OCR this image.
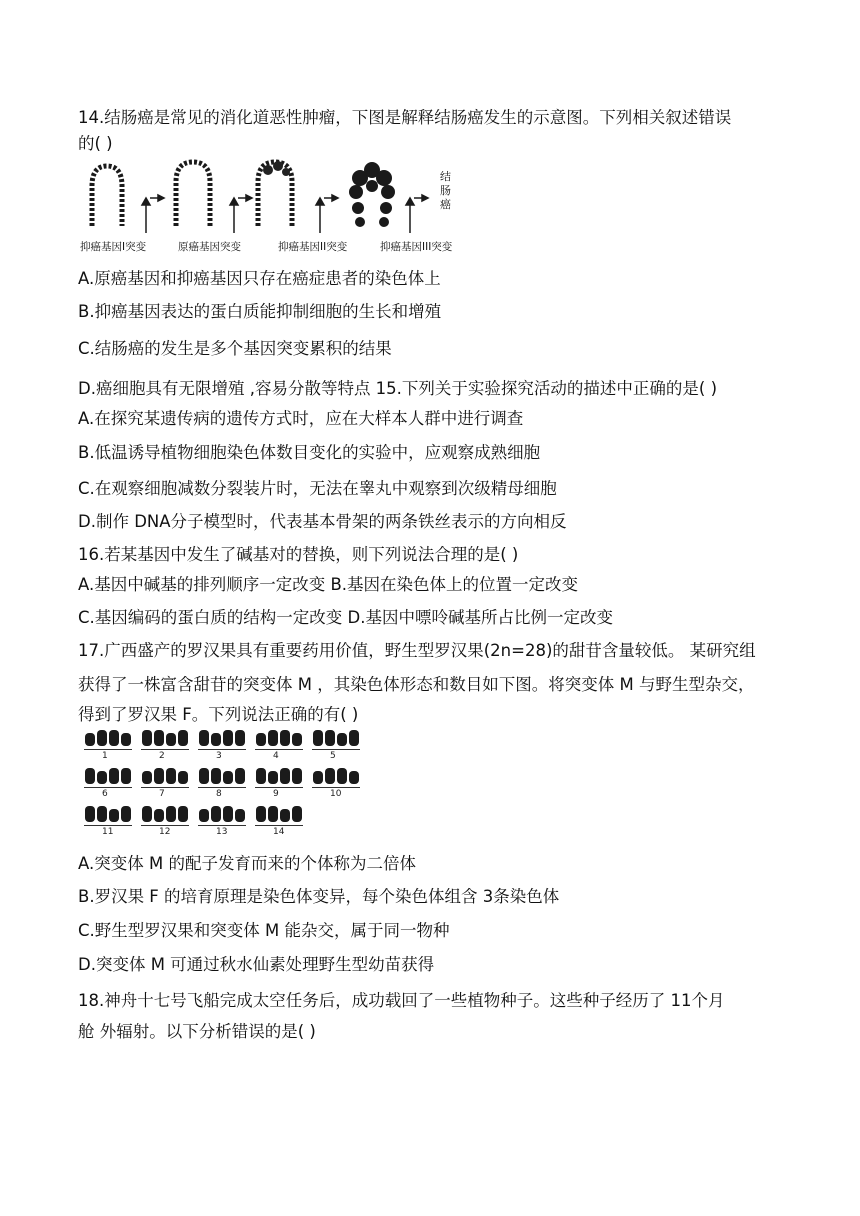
14.结肠癌是常见的消化道恶性肿瘤，下图是解释结肠癌发生的示意图。下列相关叙述错误
的( )
抑癌基因I突变	原癌基因突变	抑癌基因II突变	抑癌基因III突变
结肠癌
A.原癌基因和抑癌基因只存在癌症患者的染色体上
B.抑癌基因表达的蛋白质能抑制细胞的生长和增殖
C.结肠癌的发生是多个基因突变累积的结果
D.癌细胞具有无限增殖 ,容易分散等特点 15.下列关于实验探究活动的描述中正确的是( )
A.在探究某遗传病的遗传方式时，应在大样本人群中进行调查
B.低温诱导植物细胞染色体数目变化的实验中，应观察成熟细胞
C.在观察细胞减数分裂装片时，无法在睾丸中观察到次级精母细胞
D.制作 DNA分子模型时，代表基本骨架的两条铁丝表示的方向相反
16.若某基因中发生了碱基对的替换，则下列说法合理的是( )
A.基因中碱基的排列顺序一定改变 B.基因在染色体上的位置一定改变
C.基因编码的蛋白质的结构一定改变 D.基因中嘌呤碱基所占比例一定改变
17.广西盛产的罗汉果具有重要药用价值，野生型罗汉果(2n=28)的甜苷含量较低。 某研究组
获得了一株富含甜苷的突变体 M ，其染色体形态和数目如下图。将突变体 M 与野生型杂交，
得到了罗汉果 F。下列说法正确的有( )
1	2	3	4	5
6	7	8	9	10
11	12	13	14
A.突变体 M 的配子发育而来的个体称为二倍体
B.罗汉果 F 的培育原理是染色体变异，每个染色体组含 3条染色体
C.野生型罗汉果和突变体 M 能杂交，属于同一物种
D.突变体 M 可通过秋水仙素处理野生型幼苗获得
18.神舟十七号飞船完成太空任务后，成功载回了一些植物种子。这些种子经历了 11个月
舱 外辐射。以下分析错误的是( )
